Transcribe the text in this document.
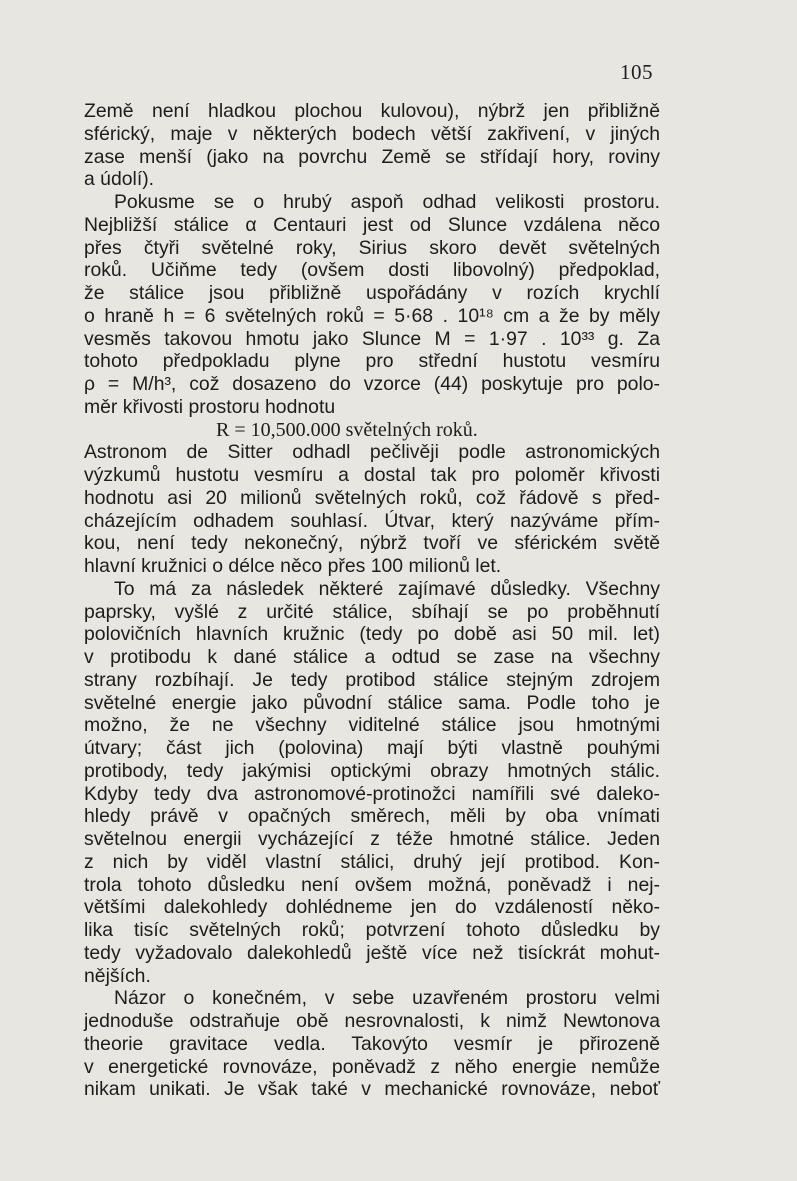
105
Země není hladkou plochou kulovou), nýbrž jen přibližně
sférický, maje v některých bodech větší zakřivení, v jiných
zase menší (jako na povrchu Země se střídají hory, roviny
a údolí).
Pokusme se o hrubý aspoň odhad velikosti prostoru.
Nejbližší stálice α Centauri jest od Slunce vzdálena něco
přes čtyři světelné roky, Sirius skoro devět světelných
roků. Učiňme tedy (ovšem dosti libovolný) předpoklad,
že stálice jsou přibližně uspořádány v rozích krychlí
o hraně h = 6 světelných roků = 5·68 . 10¹⁸ cm a že by měly
vesměs takovou hmotu jako Slunce M = 1·97 . 10³³ g. Za
tohoto předpokladu plyne pro střední hustotu vesmíru
ρ = M/h³, což dosazeno do vzorce (44) poskytuje pro polo-
měr křivosti prostoru hodnotu
R = 10,500.000 světelných roků.
Astronom de Sitter odhadl pečlivěji podle astronomických
výzkumů hustotu vesmíru a dostal tak pro poloměr křivosti
hodnotu asi 20 milionů světelných roků, což řádově s před-
cházejícím odhadem souhlasí. Útvar, který nazýváme přím-
kou, není tedy nekonečný, nýbrž tvoří ve sférickém světě
hlavní kružnici o délce něco přes 100 milionů let.
To má za následek některé zajímavé důsledky. Všechny
paprsky, vyšlé z určité stálice, sbíhají se po proběhnutí
polovičních hlavních kružnic (tedy po době asi 50 mil. let)
v protibodu k dané stálice a odtud se zase na všechny
strany rozbíhají. Je tedy protibod stálice stejným zdrojem
světelné energie jako původní stálice sama. Podle toho je
možno, že ne všechny viditelné stálice jsou hmotnými
útvary; část jich (polovina) mají býti vlastně pouhými
protibody, tedy jakýmisi optickými obrazy hmotných stálic.
Kdyby tedy dva astronomové-protinožci namířili své daleko-
hledy právě v opačných směrech, měli by oba vnímati
světelnou energii vycházející z téže hmotné stálice. Jeden
z nich by viděl vlastní stálici, druhý její protibod. Kon-
trola tohoto důsledku není ovšem možná, poněvadž i nej-
většími dalekohledy dohlédneme jen do vzdáleností něko-
lika tisíc světelných roků; potvrzení tohoto důsledku by
tedy vyžadovalo dalekohledů ještě více než tisíckrát mohut-
nějších.
Názor o konečném, v sebe uzavřeném prostoru velmi
jednoduše odstraňuje obě nesrovnalosti, k nimž Newtonova
theorie gravitace vedla. Takovýto vesmír je přirozeně
v energetické rovnováze, poněvadž z něho energie nemůže
nikam unikati. Je však také v mechanické rovnováze, neboť
